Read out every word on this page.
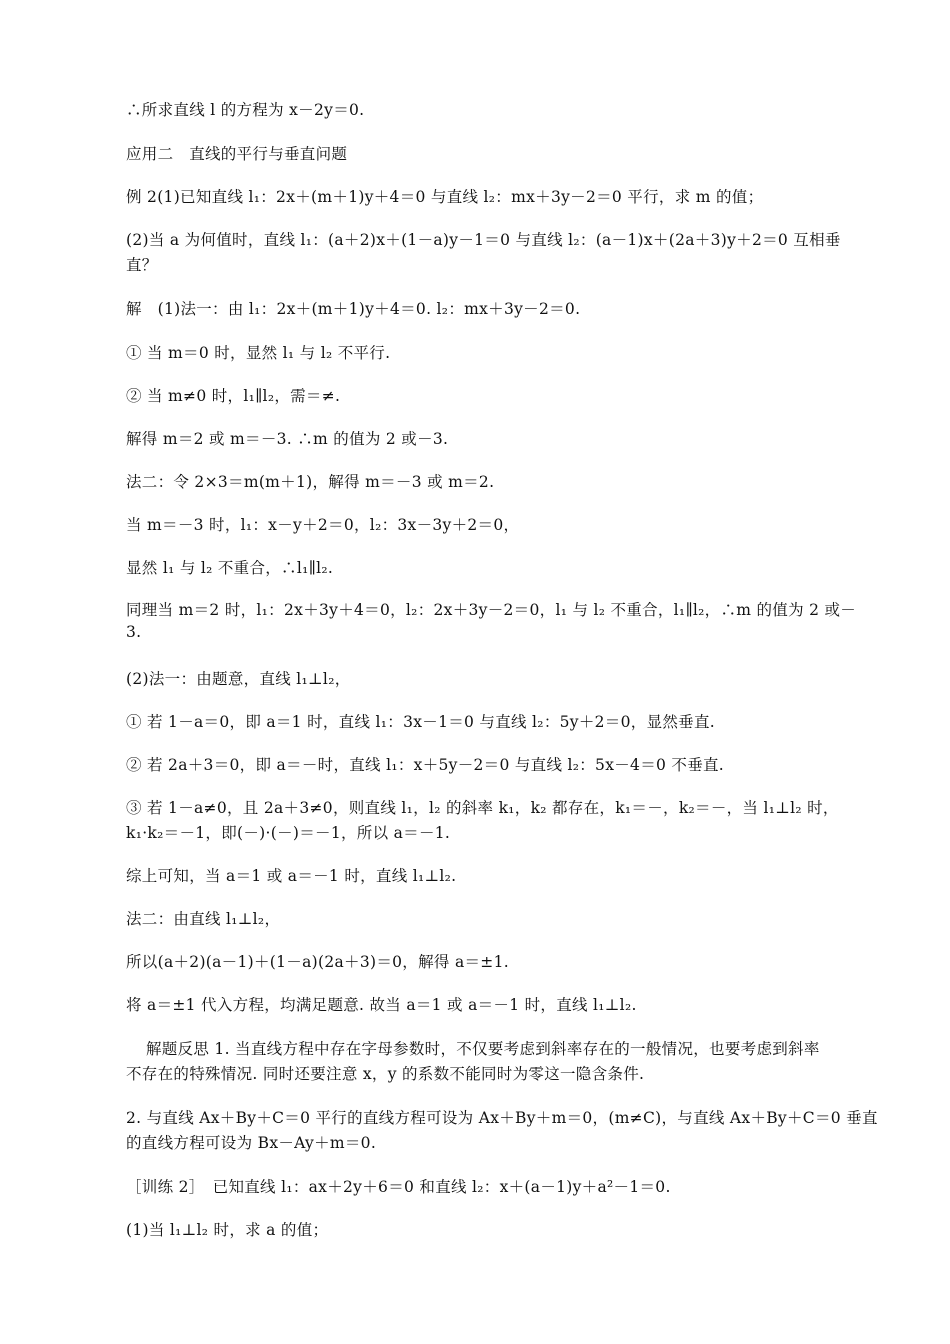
∴所求直线 l 的方程为 x－2y＝0.
应用二　直线的平行与垂直问题
例 2(1)已知直线 l₁：2x＋(m＋1)y＋4＝0 与直线 l₂：mx＋3y－2＝0 平行，求 m 的值；
(2)当 a 为何值时，直线 l₁：(a＋2)x＋(1－a)y－1＝0 与直线 l₂：(a－1)x＋(2a＋3)y＋2＝0 互相垂
直？
解　(1)法一：由 l₁：2x＋(m＋1)y＋4＝0. l₂：mx＋3y－2＝0.
① 当 m＝0 时，显然 l₁ 与 l₂ 不平行.
② 当 m≠0 时，l₁∥l₂，需＝≠.
解得 m＝2 或 m＝－3. ∴m 的值为 2 或－3.
法二：令 2×3＝m(m＋1)，解得 m＝－3 或 m＝2.
当 m＝－3 时，l₁：x－y＋2＝0，l₂：3x－3y＋2＝0，
显然 l₁ 与 l₂ 不重合，∴l₁∥l₂.
同理当 m＝2 时，l₁：2x＋3y＋4＝0，l₂：2x＋3y－2＝0，l₁ 与 l₂ 不重合，l₁∥l₂，∴m 的值为 2 或－
3.
(2)法一：由题意，直线 l₁⊥l₂，
① 若 1－a＝0，即 a＝1 时，直线 l₁：3x－1＝0 与直线 l₂：5y＋2＝0，显然垂直.
② 若 2a＋3＝0，即 a＝－时，直线 l₁：x＋5y－2＝0 与直线 l₂：5x－4＝0 不垂直.
③ 若 1－a≠0，且 2a＋3≠0，则直线 l₁，l₂ 的斜率 k₁，k₂ 都存在，k₁＝－，k₂＝－，当 l₁⊥l₂ 时，
k₁·k₂＝－1，即(－)·(－)＝－1，所以 a＝－1.
综上可知，当 a＝1 或 a＝－1 时，直线 l₁⊥l₂.
法二：由直线 l₁⊥l₂，
所以(a＋2)(a－1)＋(1－a)(2a＋3)＝0，解得 a＝±1.
将 a＝±1 代入方程，均满足题意. 故当 a＝1 或 a＝－1 时，直线 l₁⊥l₂.
解题反思 1. 当直线方程中存在字母参数时，不仅要考虑到斜率存在的一般情况，也要考虑到斜率
不存在的特殊情况. 同时还要注意 x，y 的系数不能同时为零这一隐含条件.
2. 与直线 Ax＋By＋C＝0 平行的直线方程可设为 Ax＋By＋m＝0，(m≠C)，与直线 Ax＋By＋C＝0 垂直
的直线方程可设为 Bx－Ay＋m＝0.
［训练 2］　已知直线 l₁：ax＋2y＋6＝0 和直线 l₂：x＋(a－1)y＋a²－1＝0.
(1)当 l₁⊥l₂ 时，求 a 的值；
